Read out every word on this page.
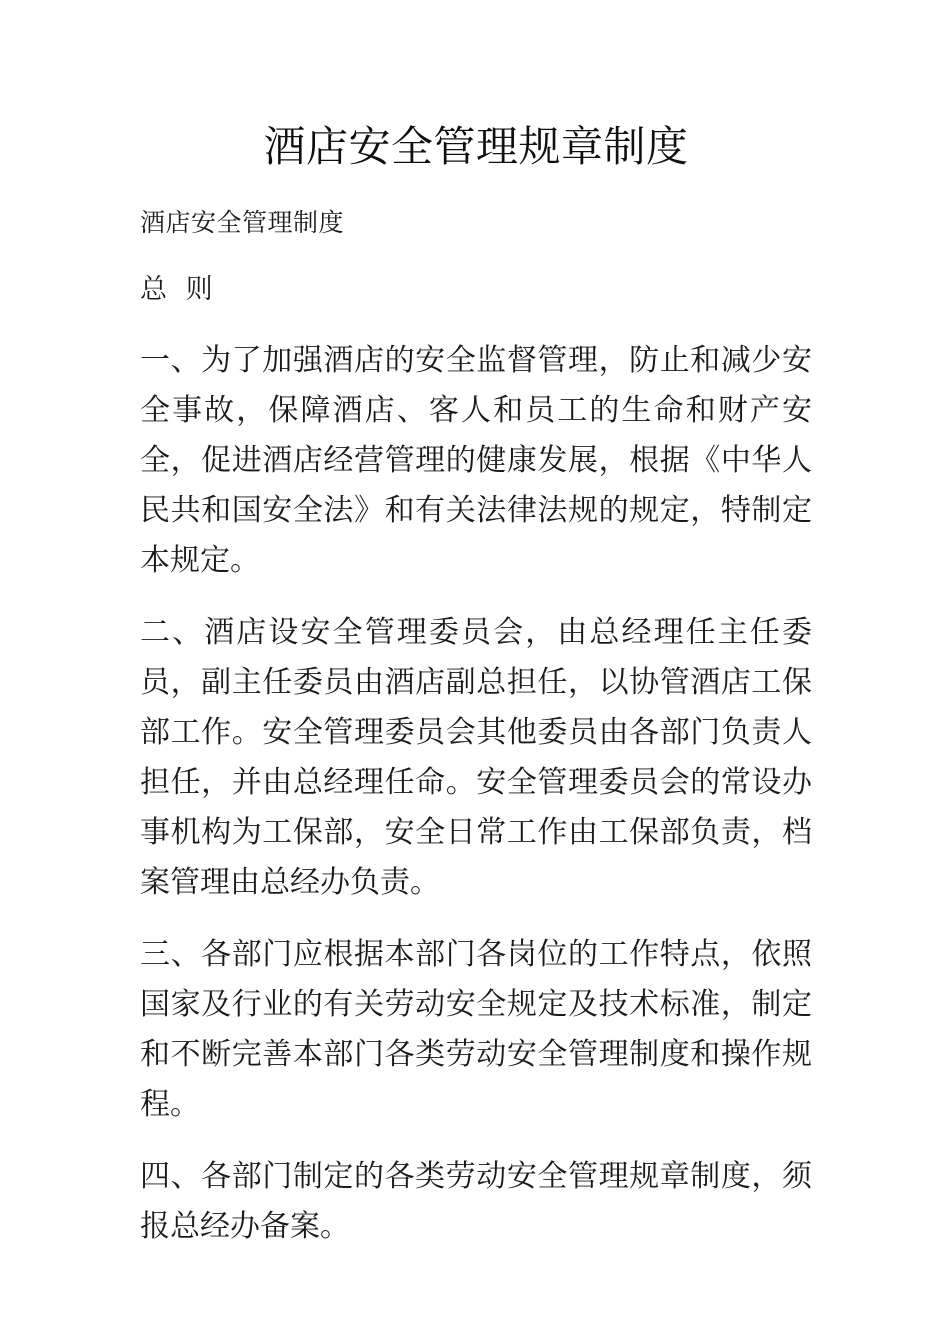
酒店安全管理规章制度

酒店安全管理制度

总  则

一、为了加强酒店的安全监督管理，防止和减少安全事故，保障酒店、客人和员工的生命和财产安全，促进酒店经营管理的健康发展，根据《中华人民共和国安全法》和有关法律法规的规定，特制定本规定。

二、酒店设安全管理委员会，由总经理任主任委员，副主任委员由酒店副总担任，以协管酒店工保部工作。安全管理委员会其他委员由各部门负责人担任，并由总经理任命。安全管理委员会的常设办事机构为工保部，安全日常工作由工保部负责，档案管理由总经办负责。

三、各部门应根据本部门各岗位的工作特点，依照国家及行业的有关劳动安全规定及技术标准，制定和不断完善本部门各类劳动安全管理制度和操作规程。

四、各部门制定的各类劳动安全管理规章制度，须报总经办备案。
